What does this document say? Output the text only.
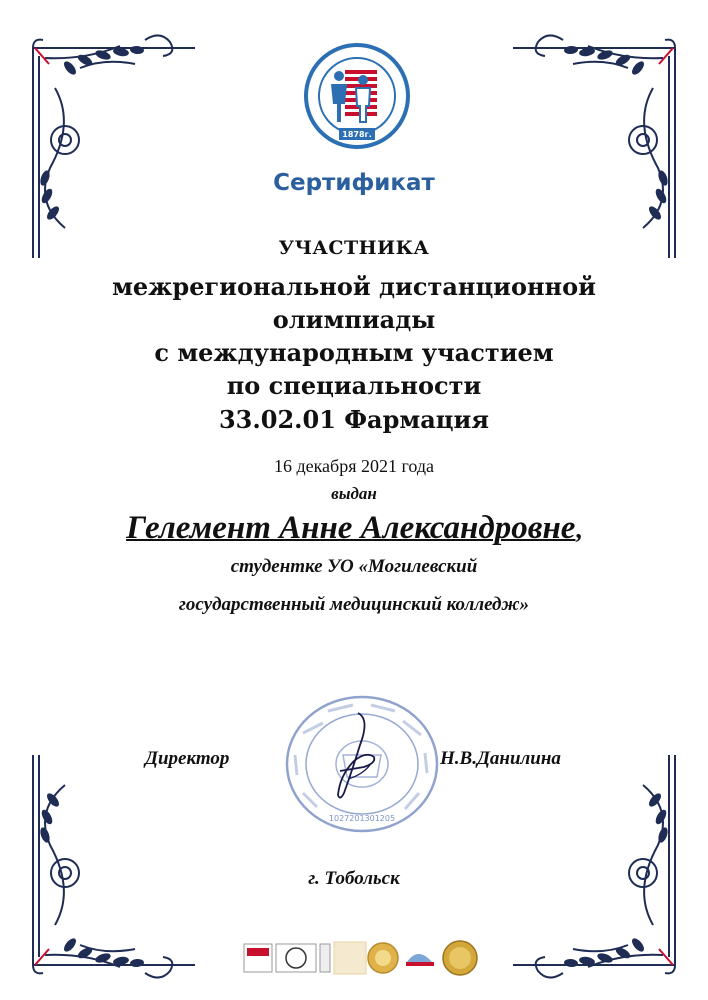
1878г.
Сертификат
УЧАСТНИКА
межрегиональной дистанционной
олимпиады
с международным участием
по специальности
33.02.01 Фармация
16 декабря 2021 года
выдан
Гелемент Анне Александровне,
студентке УО «Могилевский
государственный медицинский колледж»
1027201301205
Директор	Н.В.Данилина
г. Тобольск
